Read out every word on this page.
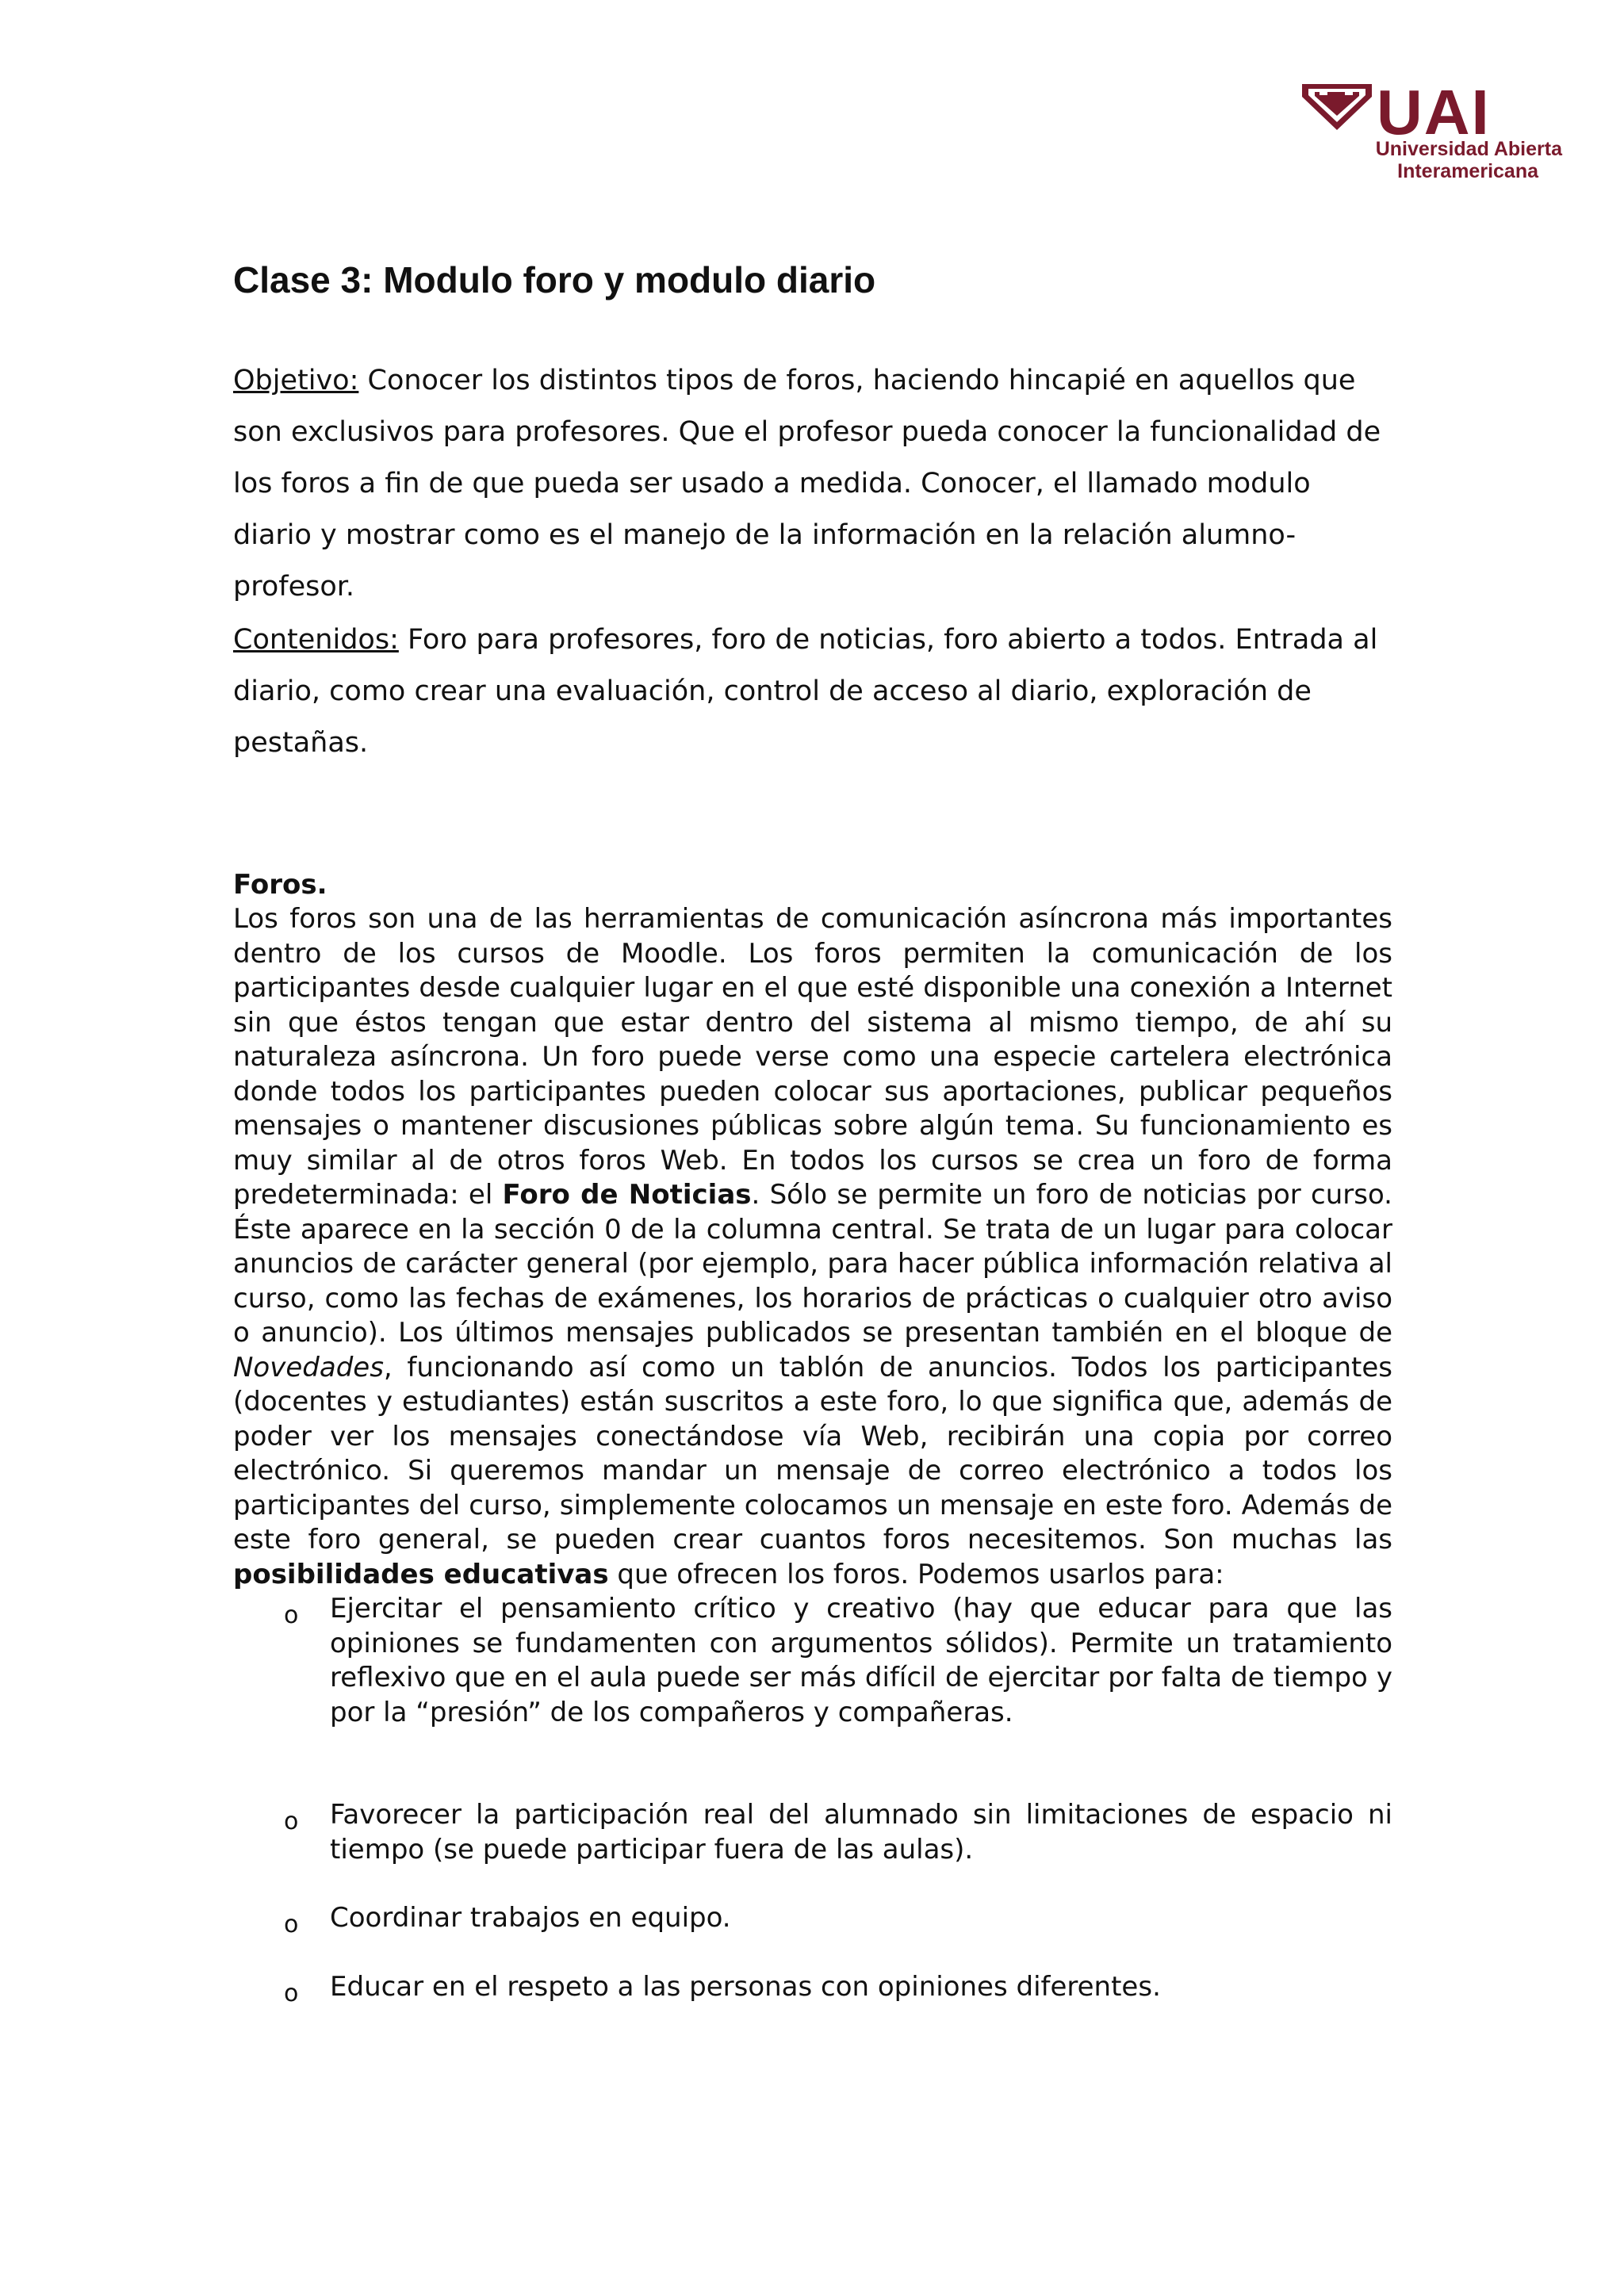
UAI
Universidad Abierta
Interamericana
Clase 3: Modulo foro y modulo diario

Objetivo: Conocer los distintos tipos de foros, haciendo hincapié en aquellos que son exclusivos para profesores. Que el profesor pueda conocer la funcionalidad de los foros a fin de que pueda ser usado a medida. Conocer, el llamado modulo diario y mostrar como es el manejo de la información en la relación alumno-profesor.

Contenidos: Foro para profesores, foro de noticias, foro abierto a todos. Entrada al diario, como crear una evaluación, control de acceso al diario, exploración de pestañas.

Foros.

Los foros son una de las herramientas de comunicación asíncrona más importantes dentro de los cursos de Moodle. Los foros permiten la comunicación de los participantes desde cualquier lugar en el que esté disponible una conexión a Internet sin que éstos tengan que estar dentro del sistema al mismo tiempo, de ahí su naturaleza asíncrona. Un foro puede verse como una especie cartelera electrónica donde todos los participantes pueden colocar sus aportaciones, publicar pequeños mensajes o mantener discusiones públicas sobre algún tema. Su funcionamiento es muy similar al de otros foros Web. En todos los cursos se crea un foro de forma predeterminada: el Foro de Noticias. Sólo se permite un foro de noticias por curso. Éste aparece en la sección 0 de la columna central. Se trata de un lugar para colocar anuncios de carácter general (por ejemplo, para hacer pública información relativa al curso, como las fechas de exámenes, los horarios de prácticas o cualquier otro aviso o anuncio). Los últimos mensajes publicados se presentan también en el bloque de Novedades, funcionando así como un tablón de anuncios. Todos los participantes (docentes y estudiantes) están suscritos a este foro, lo que significa que, además de poder ver los mensajes conectándose vía Web, recibirán una copia por correo electrónico. Si queremos mandar un mensaje de correo electrónico a todos los participantes del curso, simplemente colocamos un mensaje en este foro. Además de este foro general, se pueden crear cuantos foros necesitemos. Son muchas las posibilidades educativas que ofrecen los foros. Podemos usarlos para:

o Ejercitar el pensamiento crítico y creativo (hay que educar para que las opiniones se fundamenten con argumentos sólidos). Permite un tratamiento reflexivo que en el aula puede ser más difícil de ejercitar por falta de tiempo y por la “presión” de los compañeros y compañeras.

o Favorecer la participación real del alumnado sin limitaciones de espacio ni tiempo (se puede participar fuera de las aulas).

o Coordinar trabajos en equipo.

o Educar en el respeto a las personas con opiniones diferentes.
